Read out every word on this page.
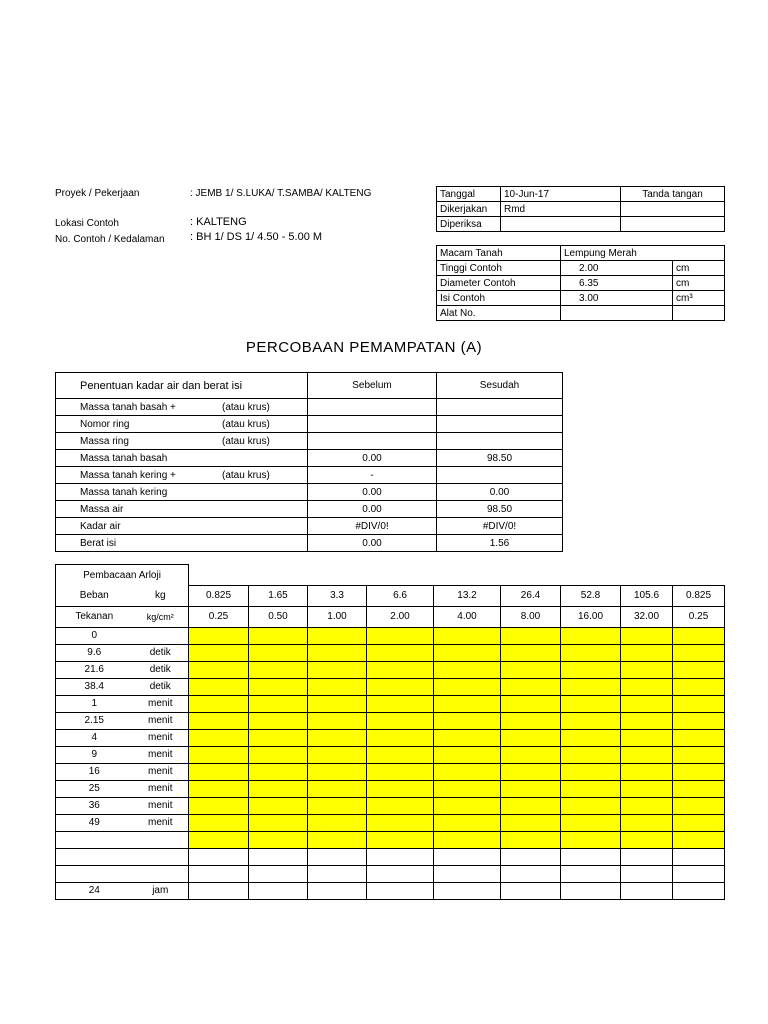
Proyek / Pekerjaan	: JEMB 1/ S.LUKA/ T.SAMBA/ KALTENG
Lokasi Contoh	: KALTENG
No. Contoh / Kedalaman : BH 1/ DS 1/ 4.50 - 5.00 M
Tanggal	10-Jun-17	Tanda tangan
Dikerjakan	Rmd	
Diperiksa		
Macam Tanah	Lempung Merah	
Tinggi Contoh	2.00	cm
Diameter Contoh	6.35	cm
Isi Contoh	3.00	cm³
Alat No.		
PERCOBAAN PEMAMPATAN (A)
Penentuan kadar air dan berat isi	Sebelum	Sesudah
Massa tanah basah + (atau krus)		
Nomor ring (atau krus)		
Massa ring (atau krus)		
Massa tanah basah	0.00	98.50
Massa tanah kering + (atau krus)	-	
Massa tanah kering	0.00	0.00
Massa air	0.00	98.50
Kadar air	#DIV/0!	#DIV/0!
Berat isi	0.00	1.56
Pembacaan Arloji										
Beban	kg	0.825	1.65	3.3	6.6	13.2	26.4	52.8	105.6	0.825
Tekanan	kg/cm²	0.25	0.50	1.00	2.00	4.00	8.00	16.00	32.00	0.25
0										
9.6	detik									
21.6	detik									
38.4	detik									
1	menit									
2.15	menit									
4	menit									
9	menit									
16	menit									
25	menit									
36	menit									
49	menit									

24	jam									
